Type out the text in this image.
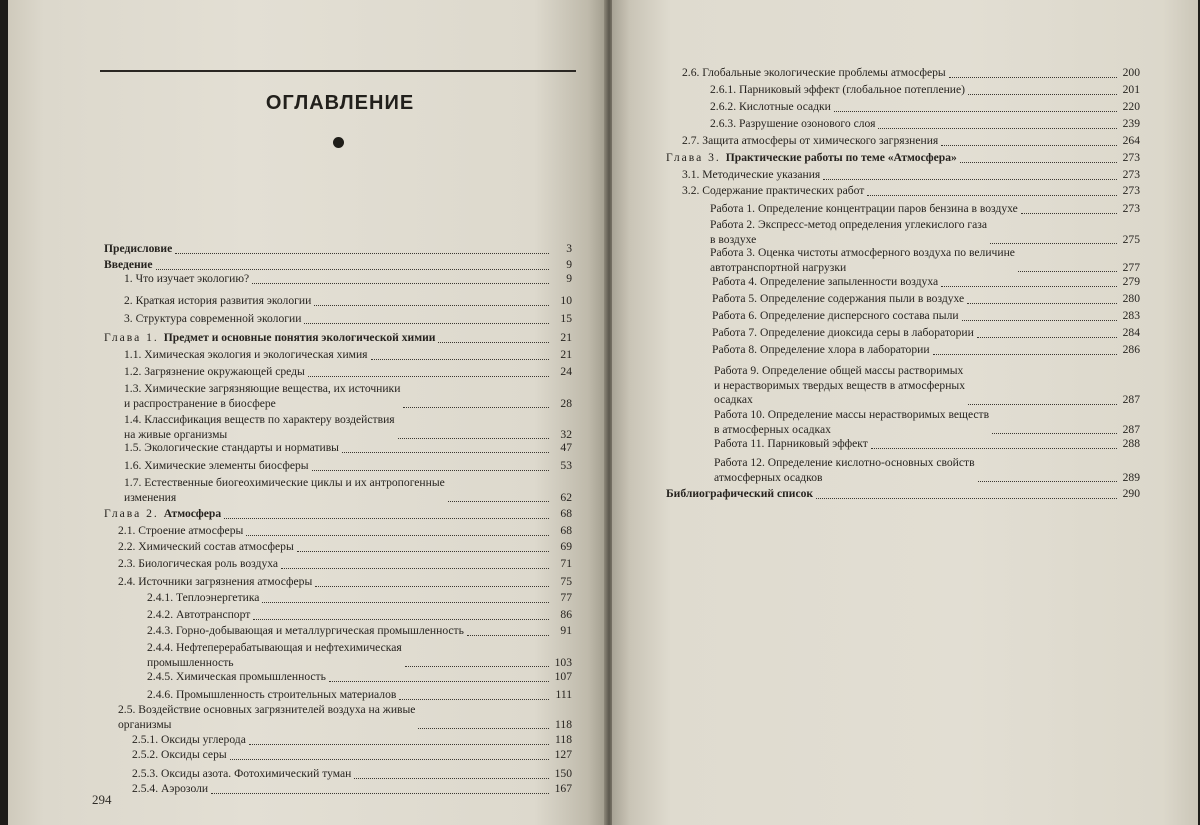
ОГЛАВЛЕНИЕ
294
Предисловие	3
Введение	9
1. Что изучает экологию?	9
2. Краткая история развития экологии	10
3. Структура современной экологии	15
Глава 1. Предмет и основные понятия экологической химии	21
1.1. Химическая экология и экологическая химия	21
1.2. Загрязнение окружающей среды	24
1.3. Химические загрязняющие вещества, их источники
и распространение в биосфере	28
1.4. Классификация веществ по характеру воздействия
на живые организмы	32
1.5. Экологические стандарты и нормативы	47
1.6. Химические элементы биосферы	53
1.7. Естественные биогеохимические циклы и их антропогенные
изменения	62
Глава 2. Атмосфера	68
2.1. Строение атмосферы	68
2.2. Химический состав атмосферы	69
2.3. Биологическая роль воздуха	71
2.4. Источники загрязнения атмосферы	75
2.4.1. Теплоэнергетика	77
2.4.2. Автотранспорт	86
2.4.3. Горно-добывающая и металлургическая промышленность	91
2.4.4. Нефтеперерабатывающая и нефтехимическая
промышленность	103
2.4.5. Химическая промышленность	107
2.4.6. Промышленность строительных материалов	111
2.5. Воздействие основных загрязнителей воздуха на живые
организмы	118
2.5.1. Оксиды углерода	118
2.5.2. Оксиды серы	127
2.5.3. Оксиды азота. Фотохимический туман	150
2.5.4. Аэрозоли	167
2.6. Глобальные экологические проблемы атмосферы	200
2.6.1. Парниковый эффект (глобальное потепление)	201
2.6.2. Кислотные осадки	220
2.6.3. Разрушение озонового слоя	239
2.7. Защита атмосферы от химического загрязнения	264
Глава 3. Практические работы по теме «Атмосфера»	273
3.1. Методические указания	273
3.2. Содержание практических работ	273
Работа 1. Определение концентрации паров бензина в воздухе	273
Работа 2. Экспресс-метод определения углекислого газа
в воздухе	275
Работа 3. Оценка чистоты атмосферного воздуха по величине
автотранспортной нагрузки	277
Работа 4. Определение запыленности воздуха	279
Работа 5. Определение содержания пыли в воздухе	280
Работа 6. Определение дисперсного состава пыли	283
Работа 7. Определение диоксида серы в лаборатории	284
Работа 8. Определение хлора в лаборатории	286
Работа 9. Определение общей массы растворимых
и нерастворимых твердых веществ в атмосферных
осадках	287
Работа 10. Определение массы нерастворимых веществ
в атмосферных осадках	287
Работа 11. Парниковый эффект	288
Работа 12. Определение кислотно-основных свойств
атмосферных осадков	289
Библиографический список	290
